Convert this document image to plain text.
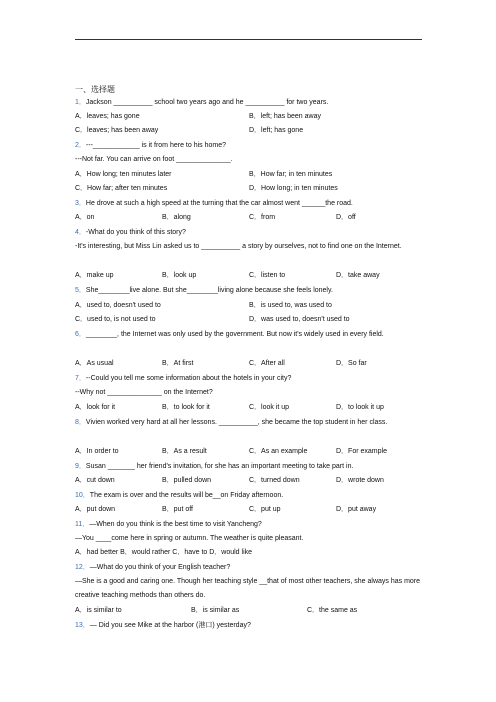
一、选择题
1．Jackson __________ school two years ago and he __________ for two years.
A．leaves; has gone	B．left; has been away
C．leaves; has been away	D．left; has gone
2．---____________ is it from here to his home?
---Not far. You can arrive on foot ______________.
A．How long; ten minutes later	B．How far; in ten minutes
C．How far; after ten minutes	D．How long; in ten minutes
3．He drove at such a high speed at the turning that the car almost went ______the road.
A．on	B．along	C．from	D．off
4．-What do you think of this story?
-It's interesting, but Miss Lin asked us to __________ a story by ourselves, not to find one on the Internet.
A．make up	B．look up	C．listen to	D．take away
5．She________live alone. But she________living alone because she feels lonely.
A．used to, doesn't used to	B．is used to, was used to
C．used to, is not used to	D．was used to, doesn't used to
6．________, the Internet was only used by the government. But now it's widely used in every field.
A．As usual	B．At first	C．After all	D．So far
7．--Could you tell me some information about the hotels in your city?
--Why not ______________ on the Internet?
A．look for it	B．to look for it	C．look it up	D．to look it up
8．Vivien worked very hard at all her lessons. __________, she became the top student in her class.
A．In order to	B．As a result	C．As an example	D．For example
9．Susan _______ her friend's invitation, for she has an important meeting to take part in.
A．cut down	B．pulled down	C．turned down	D．wrote down
10．The exam is over and the results will be__on Friday afternoon.
A．put down	B．put off	C．put up	D．put away
11．—When do you think is the best time to visit Yancheng?
—You ____come here in spring or autumn. The weather is quite pleasant.
A．had better B．would rather C．have to D．would like
12．—What do you think of your English teacher?
—She is a good and caring one. Though her teaching style __that of most other teachers, she always has more creative teaching methods than others do.
A．is similar to	B．is similar as	C．the same as
13．— Did you see Mike at the harbor (港口) yesterday?
